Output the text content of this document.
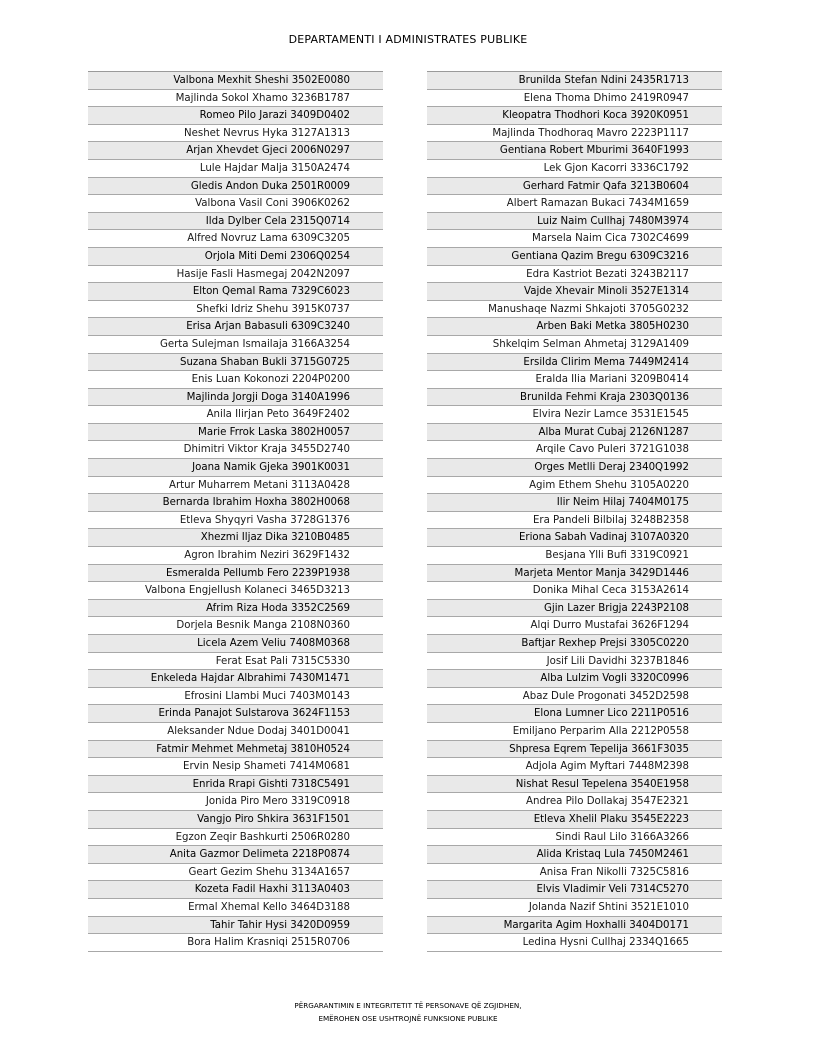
DEPARTAMENTI I ADMINISTRATES PUBLIKE
Valbona Mexhit Sheshi 3502E0080
Majlinda Sokol Xhamo 3236B1787
Romeo Pilo Jarazi 3409D0402
Neshet Nevrus Hyka 3127A1313
Arjan Xhevdet Gjeci 2006N0297
Lule Hajdar Malja 3150A2474
Gledis Andon Duka 2501R0009
Valbona Vasil Coni 3906K0262
Ilda Dylber Cela 2315Q0714
Alfred Novruz Lama 6309C3205
Orjola Miti Demi 2306Q0254
Hasije Fasli Hasmegaj 2042N2097
Elton Qemal Rama 7329C6023
Shefki Idriz Shehu 3915K0737
Erisa Arjan Babasuli 6309C3240
Gerta Sulejman Ismailaja 3166A3254
Suzana Shaban Bukli 3715G0725
Enis Luan Kokonozi 2204P0200
Majlinda Jorgji Doga 3140A1996
Anila Ilirjan Peto 3649F2402
Marie Frrok Laska 3802H0057
Dhimitri Viktor Kraja 3455D2740
Joana Namik Gjeka 3901K0031
Artur Muharrem Metani 3113A0428
Bernarda Ibrahim Hoxha 3802H0068
Etleva Shyqyri Vasha 3728G1376
Xhezmi Iljaz Dika 3210B0485
Agron Ibrahim Neziri 3629F1432
Esmeralda Pellumb Fero 2239P1938
Valbona Engjellush Kolaneci 3465D3213
Afrim Riza Hoda 3352C2569
Dorjela Besnik Manga 2108N0360
Licela Azem Veliu 7408M0368
Ferat Esat Pali 7315C5330
Enkeleda Hajdar Albrahimi 7430M1471
Efrosini Llambi Muci 7403M0143
Erinda Panajot Sulstarova 3624F1153
Aleksander Ndue Dodaj 3401D0041
Fatmir Mehmet Mehmetaj 3810H0524
Ervin Nesip Shameti 7414M0681
Enrida Rrapi Gishti 7318C5491
Jonida Piro Mero 3319C0918
Vangjo Piro Shkira 3631F1501
Egzon Zeqir Bashkurti 2506R0280
Anita Gazmor Delimeta 2218P0874
Geart Gezim Shehu 3134A1657
Kozeta Fadil Haxhi 3113A0403
Ermal Xhemal Kello 3464D3188
Tahir Tahir Hysi 3420D0959
Bora Halim Krasniqi 2515R0706
Brunilda Stefan Ndini 2435R1713
Elena Thoma Dhimo 2419R0947
Kleopatra Thodhori Koca 3920K0951
Majlinda Thodhoraq Mavro 2223P1117
Gentiana Robert Mburimi 3640F1993
Lek Gjon Kacorri 3336C1792
Gerhard Fatmir Qafa 3213B0604
Albert Ramazan Bukaci 7434M1659
Luiz Naim Cullhaj 7480M3974
Marsela Naim Cica 7302C4699
Gentiana Qazim Bregu 6309C3216
Edra Kastriot Bezati 3243B2117
Vajde Xhevair Minoli 3527E1314
Manushaqe Nazmi Shkajoti 3705G0232
Arben Baki Metka 3805H0230
Shkelqim Selman Ahmetaj 3129A1409
Ersilda Clirim Mema 7449M2414
Eralda Ilia Mariani 3209B0414
Brunilda Fehmi Kraja 2303Q0136
Elvira Nezir Lamce 3531E1545
Alba Murat Cubaj 2126N1287
Arqile Cavo Puleri 3721G1038
Orges Metlli Deraj 2340Q1992
Agim Ethem Shehu 3105A0220
Ilir Neim Hilaj 7404M0175
Era Pandeli Bilbilaj 3248B2358
Eriona Sabah Vadinaj 3107A0320
Besjana Ylli Bufi 3319C0921
Marjeta Mentor Manja 3429D1446
Donika Mihal Ceca 3153A2614
Gjin Lazer Brigja 2243P2108
Alqi Durro Mustafai 3626F1294
Baftjar Rexhep Prejsi 3305C0220
Josif Lili Davidhi 3237B1846
Alba Lulzim Vogli 3320C0996
Abaz Dule Progonati 3452D2598
Elona Lumner Lico 2211P0516
Emiljano Perparim Alla 2212P0558
Shpresa Eqrem Tepelija 3661F3035
Adjola Agim Myftari 7448M2398
Nishat Resul Tepelena 3540E1958
Andrea Pilo Dollakaj 3547E2321
Etleva Xhelil Plaku 3545E2223
Sindi Raul Lilo 3166A3266
Alida Kristaq Lula 7450M2461
Anisa Fran Nikolli 7325C5816
Elvis Vladimir Veli 7314C5270
Jolanda Nazif Shtini 3521E1010
Margarita Agim Hoxhalli 3404D0171
Ledina Hysni Cullhaj 2334Q1665
PËRGARANTIMIN E INTEGRITETIT TË PERSONAVE QË ZGJIDHEN,
EMËROHEN OSE USHTROJNË FUNKSIONE PUBLIKE
